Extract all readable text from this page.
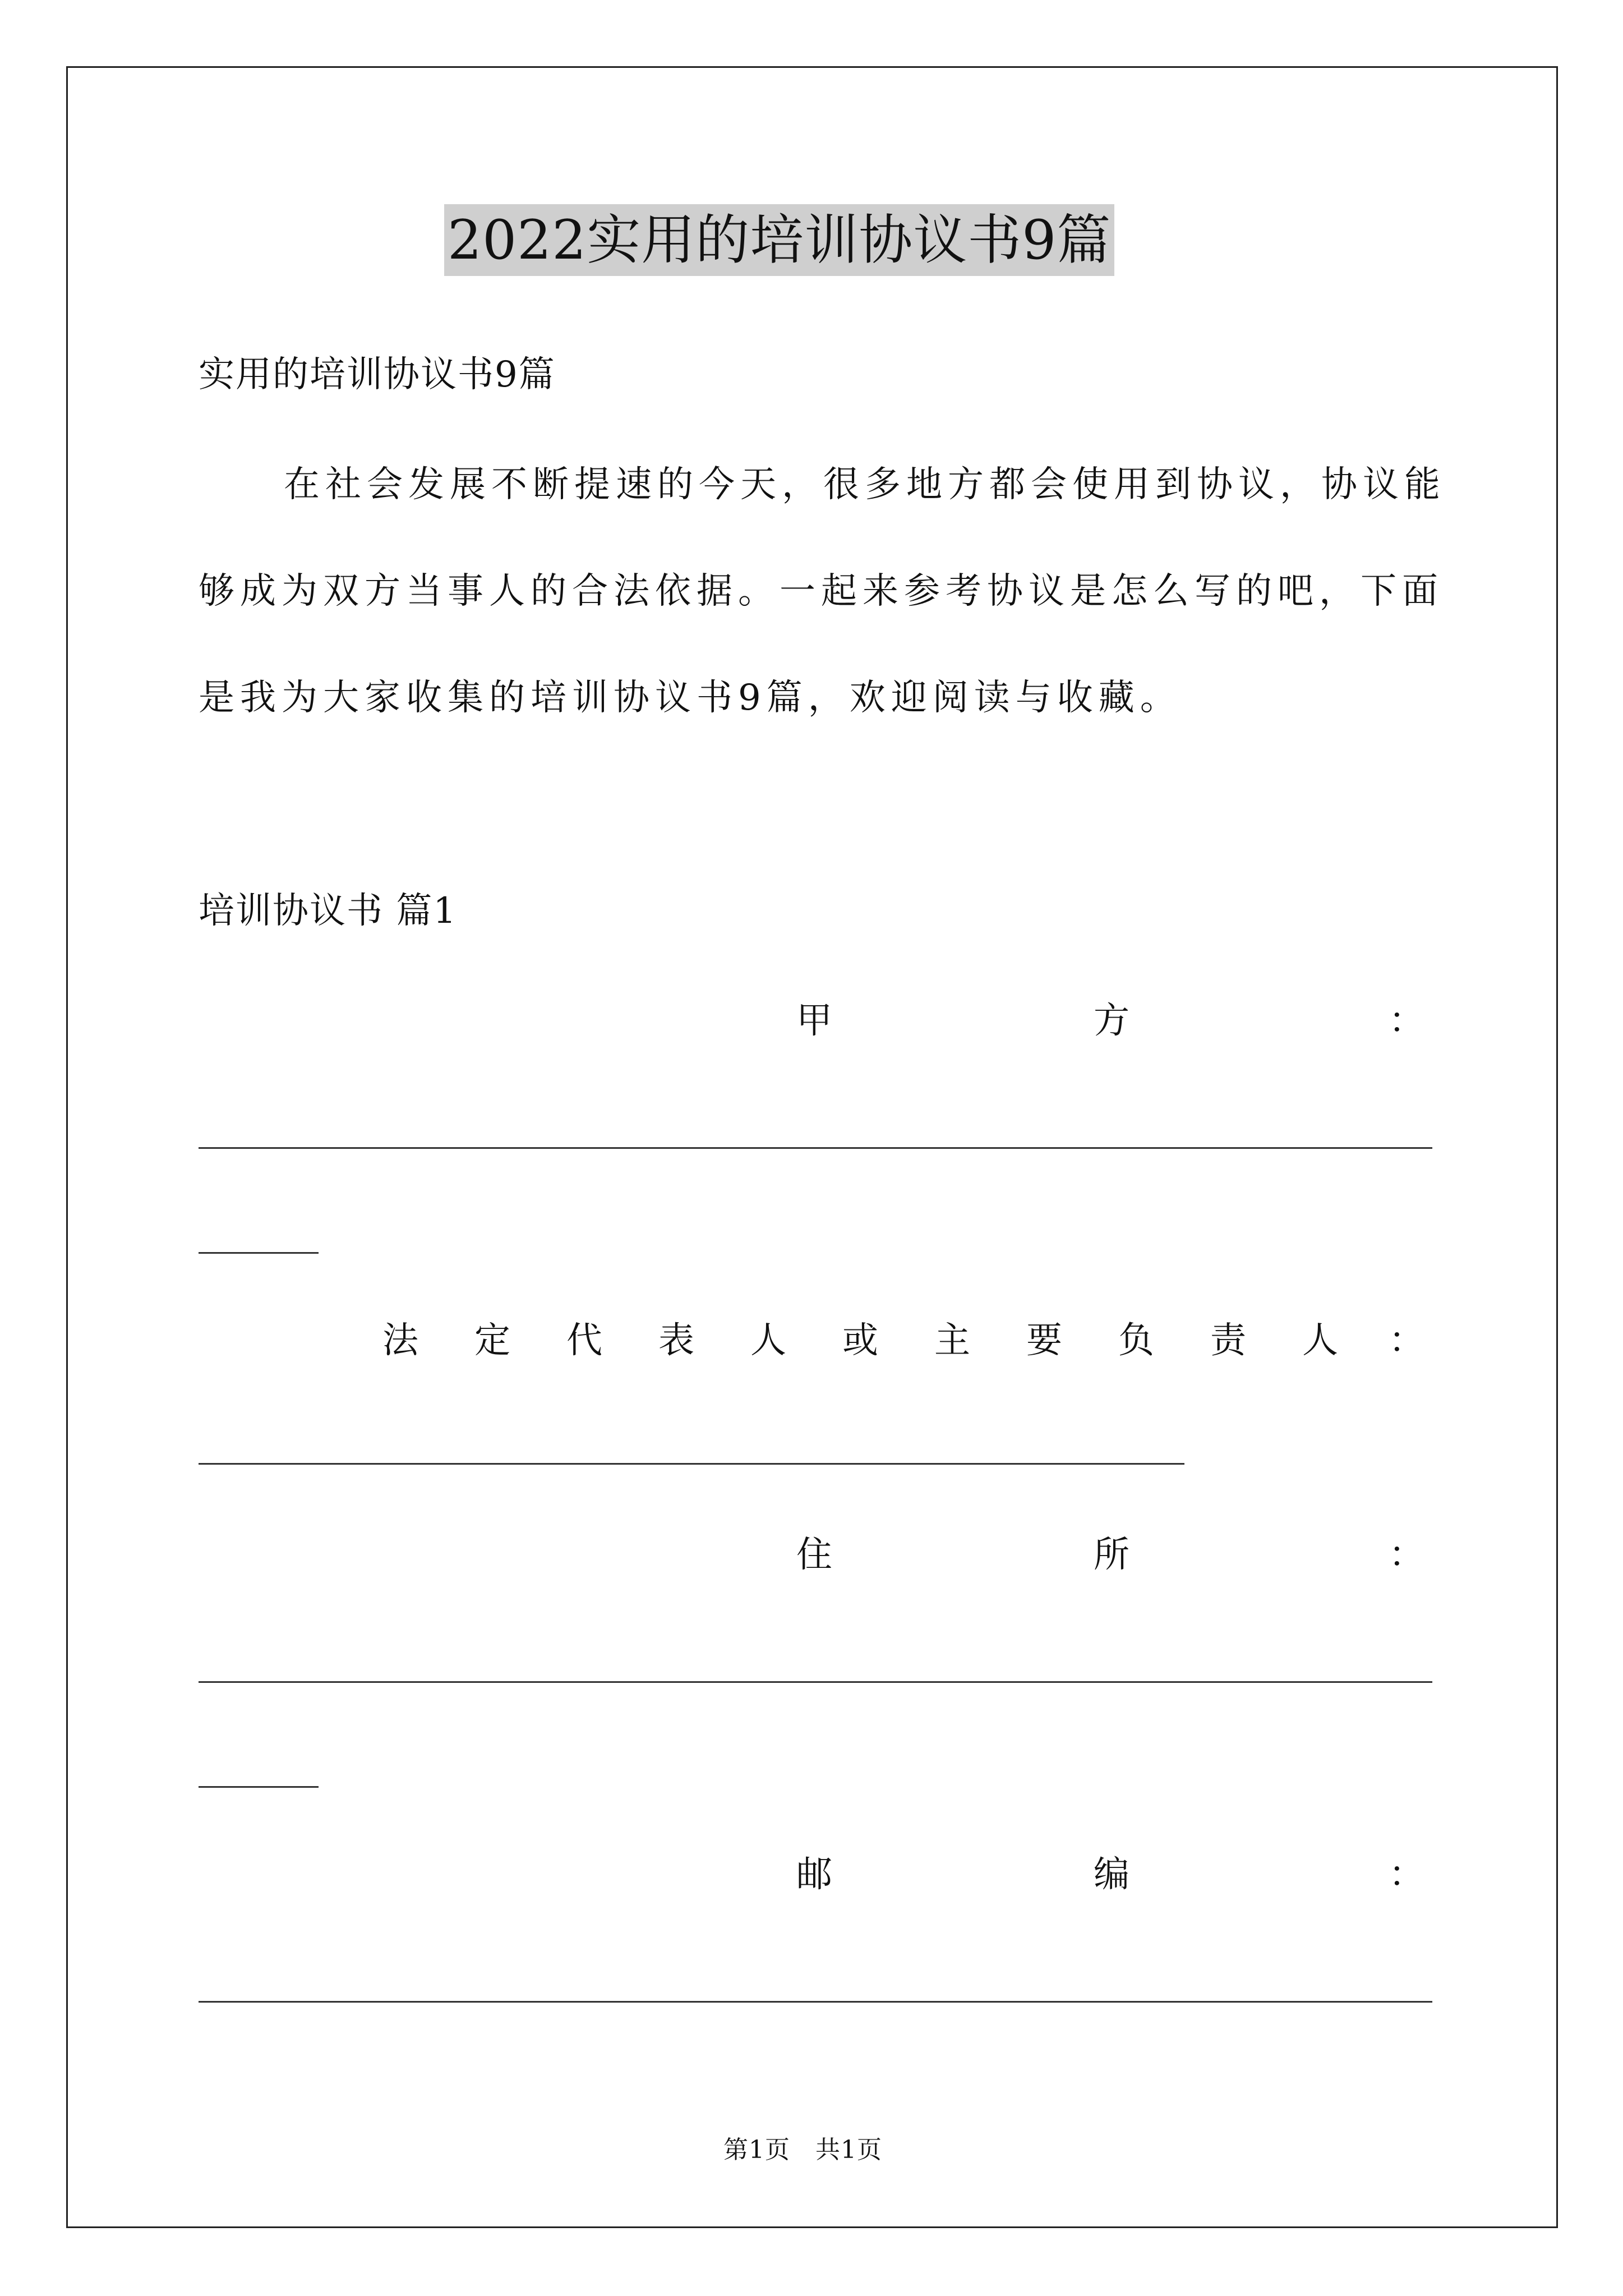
2022实用的培训协议书9篇
实用的培训协议书9篇
在社会发展不断提速的今天，很多地方都会使用到协议，协议能
够成为双方当事人的合法依据。一起来参考协议是怎么写的吧，下面
是我为大家收集的培训协议书9篇，欢迎阅读与收藏。
培训协议书 篇1
甲	方	：
法 定 代 表 人 或 主 要 负 责 人 ：
住	所	：
邮	编	：
第1页　共1页
